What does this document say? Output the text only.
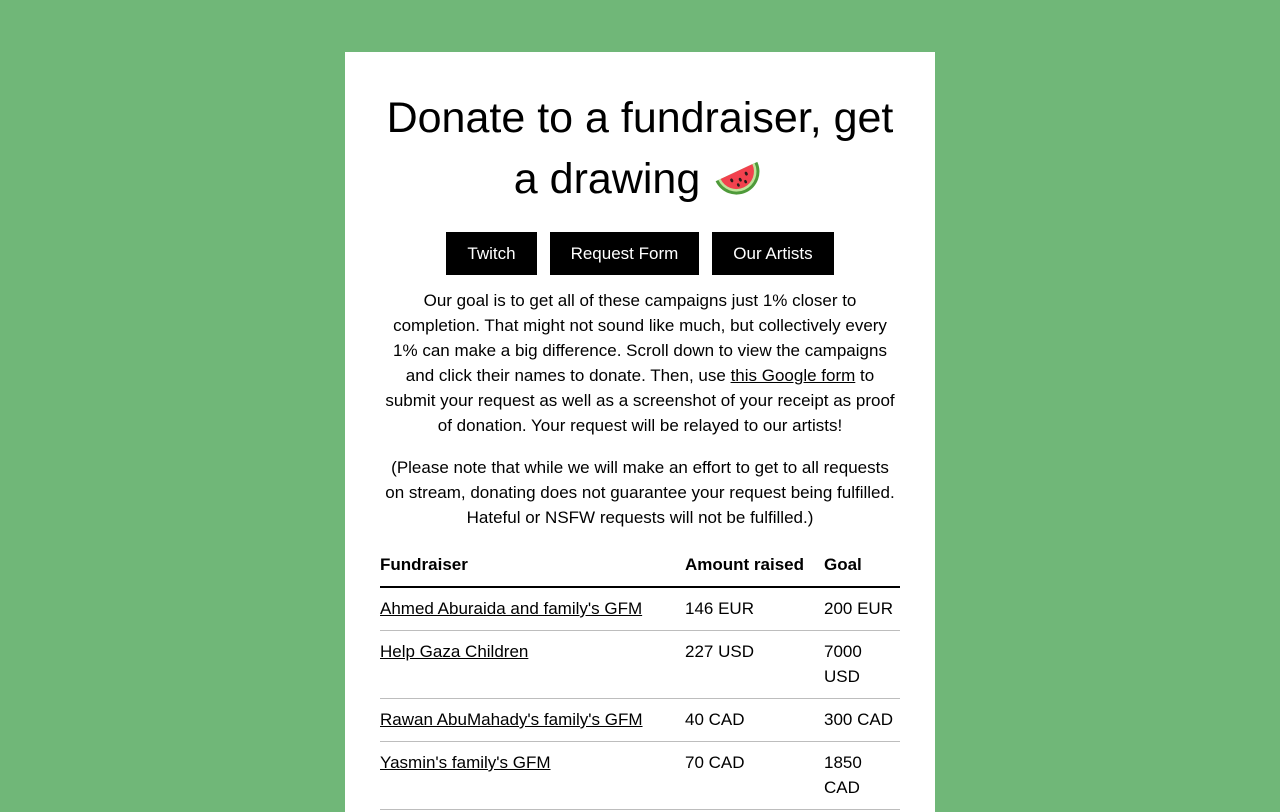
Donate to a fundraiser, get a drawing
Twitch	Request Form	Our Artists

Our goal is to get all of these campaigns just 1% closer to completion. That might not sound like much, but collectively every 1% can make a big difference. Scroll down to view the campaigns and click their names to donate. Then, use this Google form to submit your request as well as a screenshot of your receipt as proof of donation. Your request will be relayed to our artists!

(Please note that while we will make an effort to get to all requests on stream, donating does not guarantee your request being fulfilled. Hateful or NSFW requests will not be fulfilled.)

Fundraiser	Amount raised	Goal
Ahmed Aburaida and family's GFM	146 EUR	200 EUR
Help Gaza Children	227 USD	7000 USD
Rawan AbuMahady's family's GFM	40 CAD	300 CAD
Yasmin's family's GFM	70 CAD	1850 CAD
